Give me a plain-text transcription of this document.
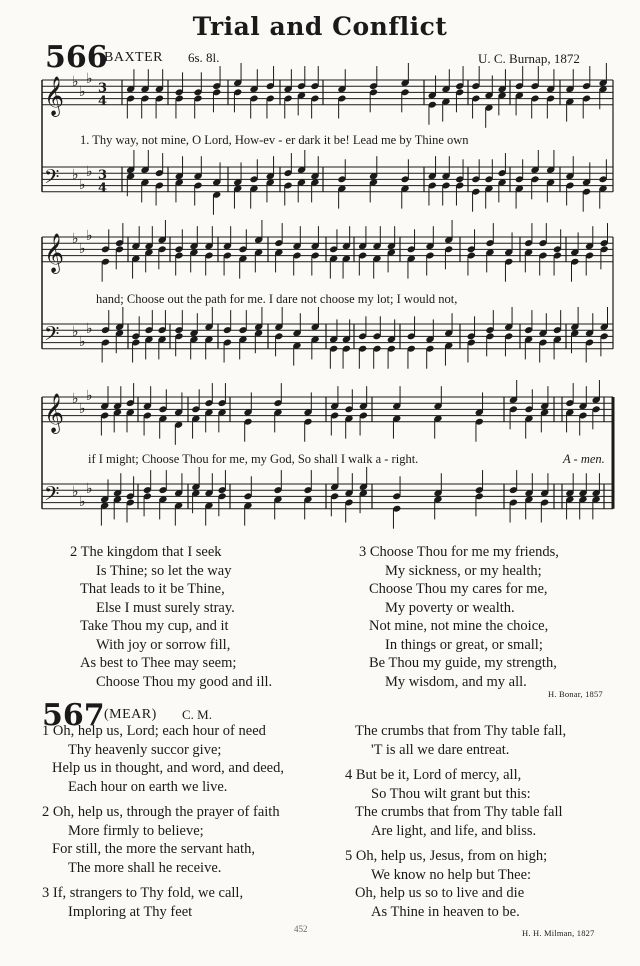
Trial and Conflict
566
BAXTER 6s. 8l.	U. C. Burnap, 1872
𝄞 ♭
♭
♭
3
4
𝄢 ♭
♭
♭ 3
4
𝄞 ♭
♭
♭
𝄢 ♭
♭
♭
𝄞 ♭
♭
♭
𝄢 ♭
♭
♭
1. Thy way, not mine, O Lord, How-ev - er dark it be! Lead me by Thine own
hand; Choose out the path for me. I dare not choose my lot; I would not,
if I might; Choose Thou for me, my God, So shall I walk a - right.	A - men.
2 The kingdom that I seek
Is Thine; so let the way
That leads to it be Thine,
Else I must surely stray.
Take Thou my cup, and it
With joy or sorrow fill,
As best to Thee may seem;
Choose Thou my good and ill.
3 Choose Thou for me my friends,
My sickness, or my health;
Choose Thou my cares for me,
My poverty or wealth.
Not mine, not mine the choice,
In things or great, or small;
Be Thou my guide, my strength,
My wisdom, and my all.
H. Bonar, 1857
567 (MEAR) C. M.
1 Oh, help us, Lord; each hour of need
Thy heavenly succor give;
Help us in thought, and word, and deed,
Each hour on earth we live.
2 Oh, help us, through the prayer of faith
More firmly to believe;
For still, the more the servant hath,
The more shall he receive.
3 If, strangers to Thy fold, we call,
Imploring at Thy feet
The crumbs that from Thy table fall,
'T is all we dare entreat.
4 But be it, Lord of mercy, all,
So Thou wilt grant but this:
The crumbs that from Thy table fall
Are light, and life, and bliss.
5 Oh, help us, Jesus, from on high;
We know no help but Thee:
Oh, help us so to live and die
As Thine in heaven to be.
H. H. Milman, 1827
452
